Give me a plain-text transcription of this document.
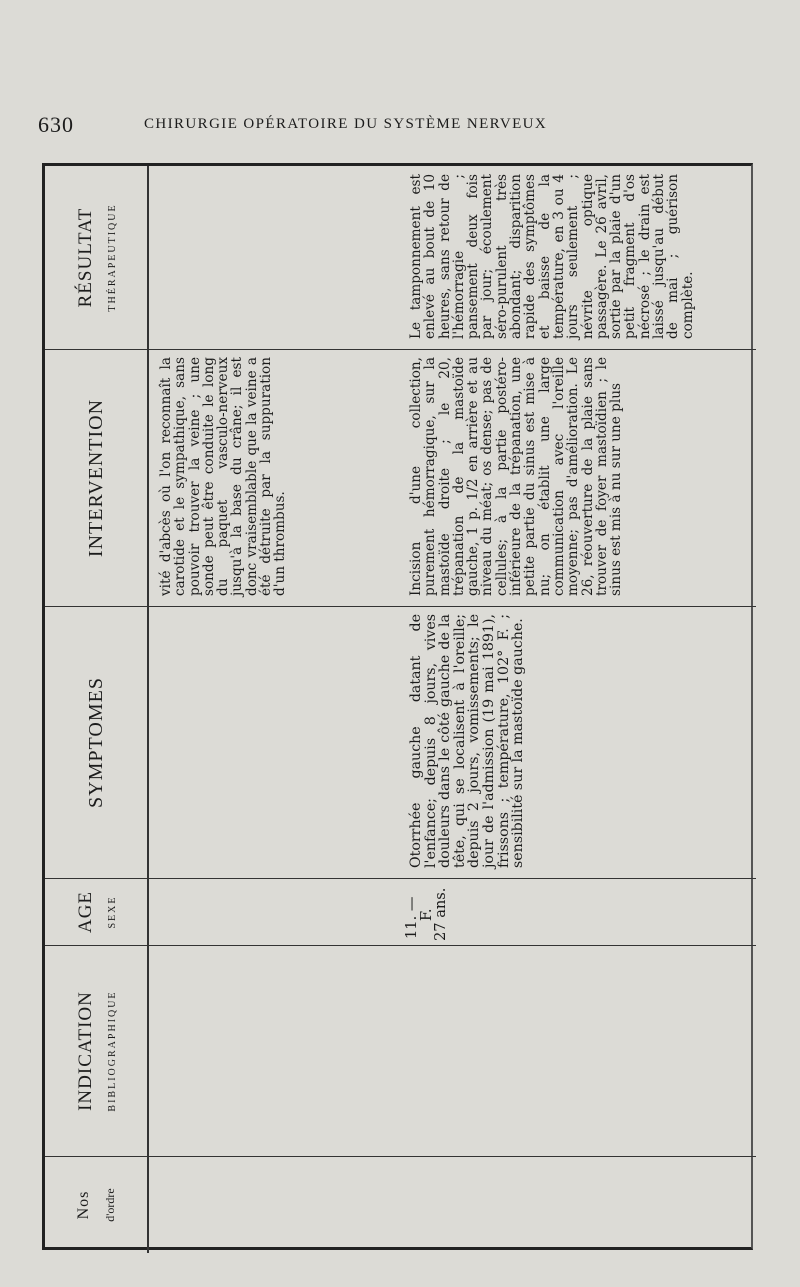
630	CHIRURGIE OPÉRATOIRE DU SYSTÈME NERVEUX
Nos d'ordre
INDICATION BIBLIOGRAPHIQUE
AGE SEXE
SYMPTOMES
INTERVENTION
RÉSULTAT THÉRAPEUTIQUE

vité d'abcès où l'on reconnaît la carotide et le sympathique, sans pouvoir trouver la veine ; une sonde peut être conduite le long du paquet vasculo-nerveux jusqu'à la base du crâne; il est donc vraisemblable que la veine a été détruite par la suppuration d'un thrombus.

11. —
F.
27 ans.

Otorrhée gauche datant de l'enfance; depuis 8 jours, vives douleurs dans le côté gauche de la tête, qui se localisent à l'oreille; depuis 2 jours, vomissements; le jour de l'admission (19 mai 1891), frissons ; température, 102° F. ; sensibilité sur la mastoïde gauche.

Incision d'une collection, purement hémorragique, sur la mastoïde droite ; le 20, trépanation de la mastoïde gauche, 1 p. 1/2 en arrière et au niveau du méat; os dense; pas de cellules; à la partie postéro-inférieure de la trépanation, une petite partie du sinus est mise à nu; on établit une large communication avec l'oreille moyenne; pas d'amélioration. Le 26, réouverture de la plaie sans trouver de foyer mastoïdien ; le sinus est mis à nu sur une plus

Le tamponnement est enlevé au bout de 10 heures, sans retour de l'hémorragie ; pansement deux fois par jour; écoulement séro-purulent très abondant; disparition rapide des symptômes et baisse de la température, en 3 ou 4 jours seulement ; névrite optique passagère. Le 26 avril, sortie par la plaie d'un petit fragment d'os nécrosé ; le drain est laissé jusqu'au début de mai ; guérison complète.
